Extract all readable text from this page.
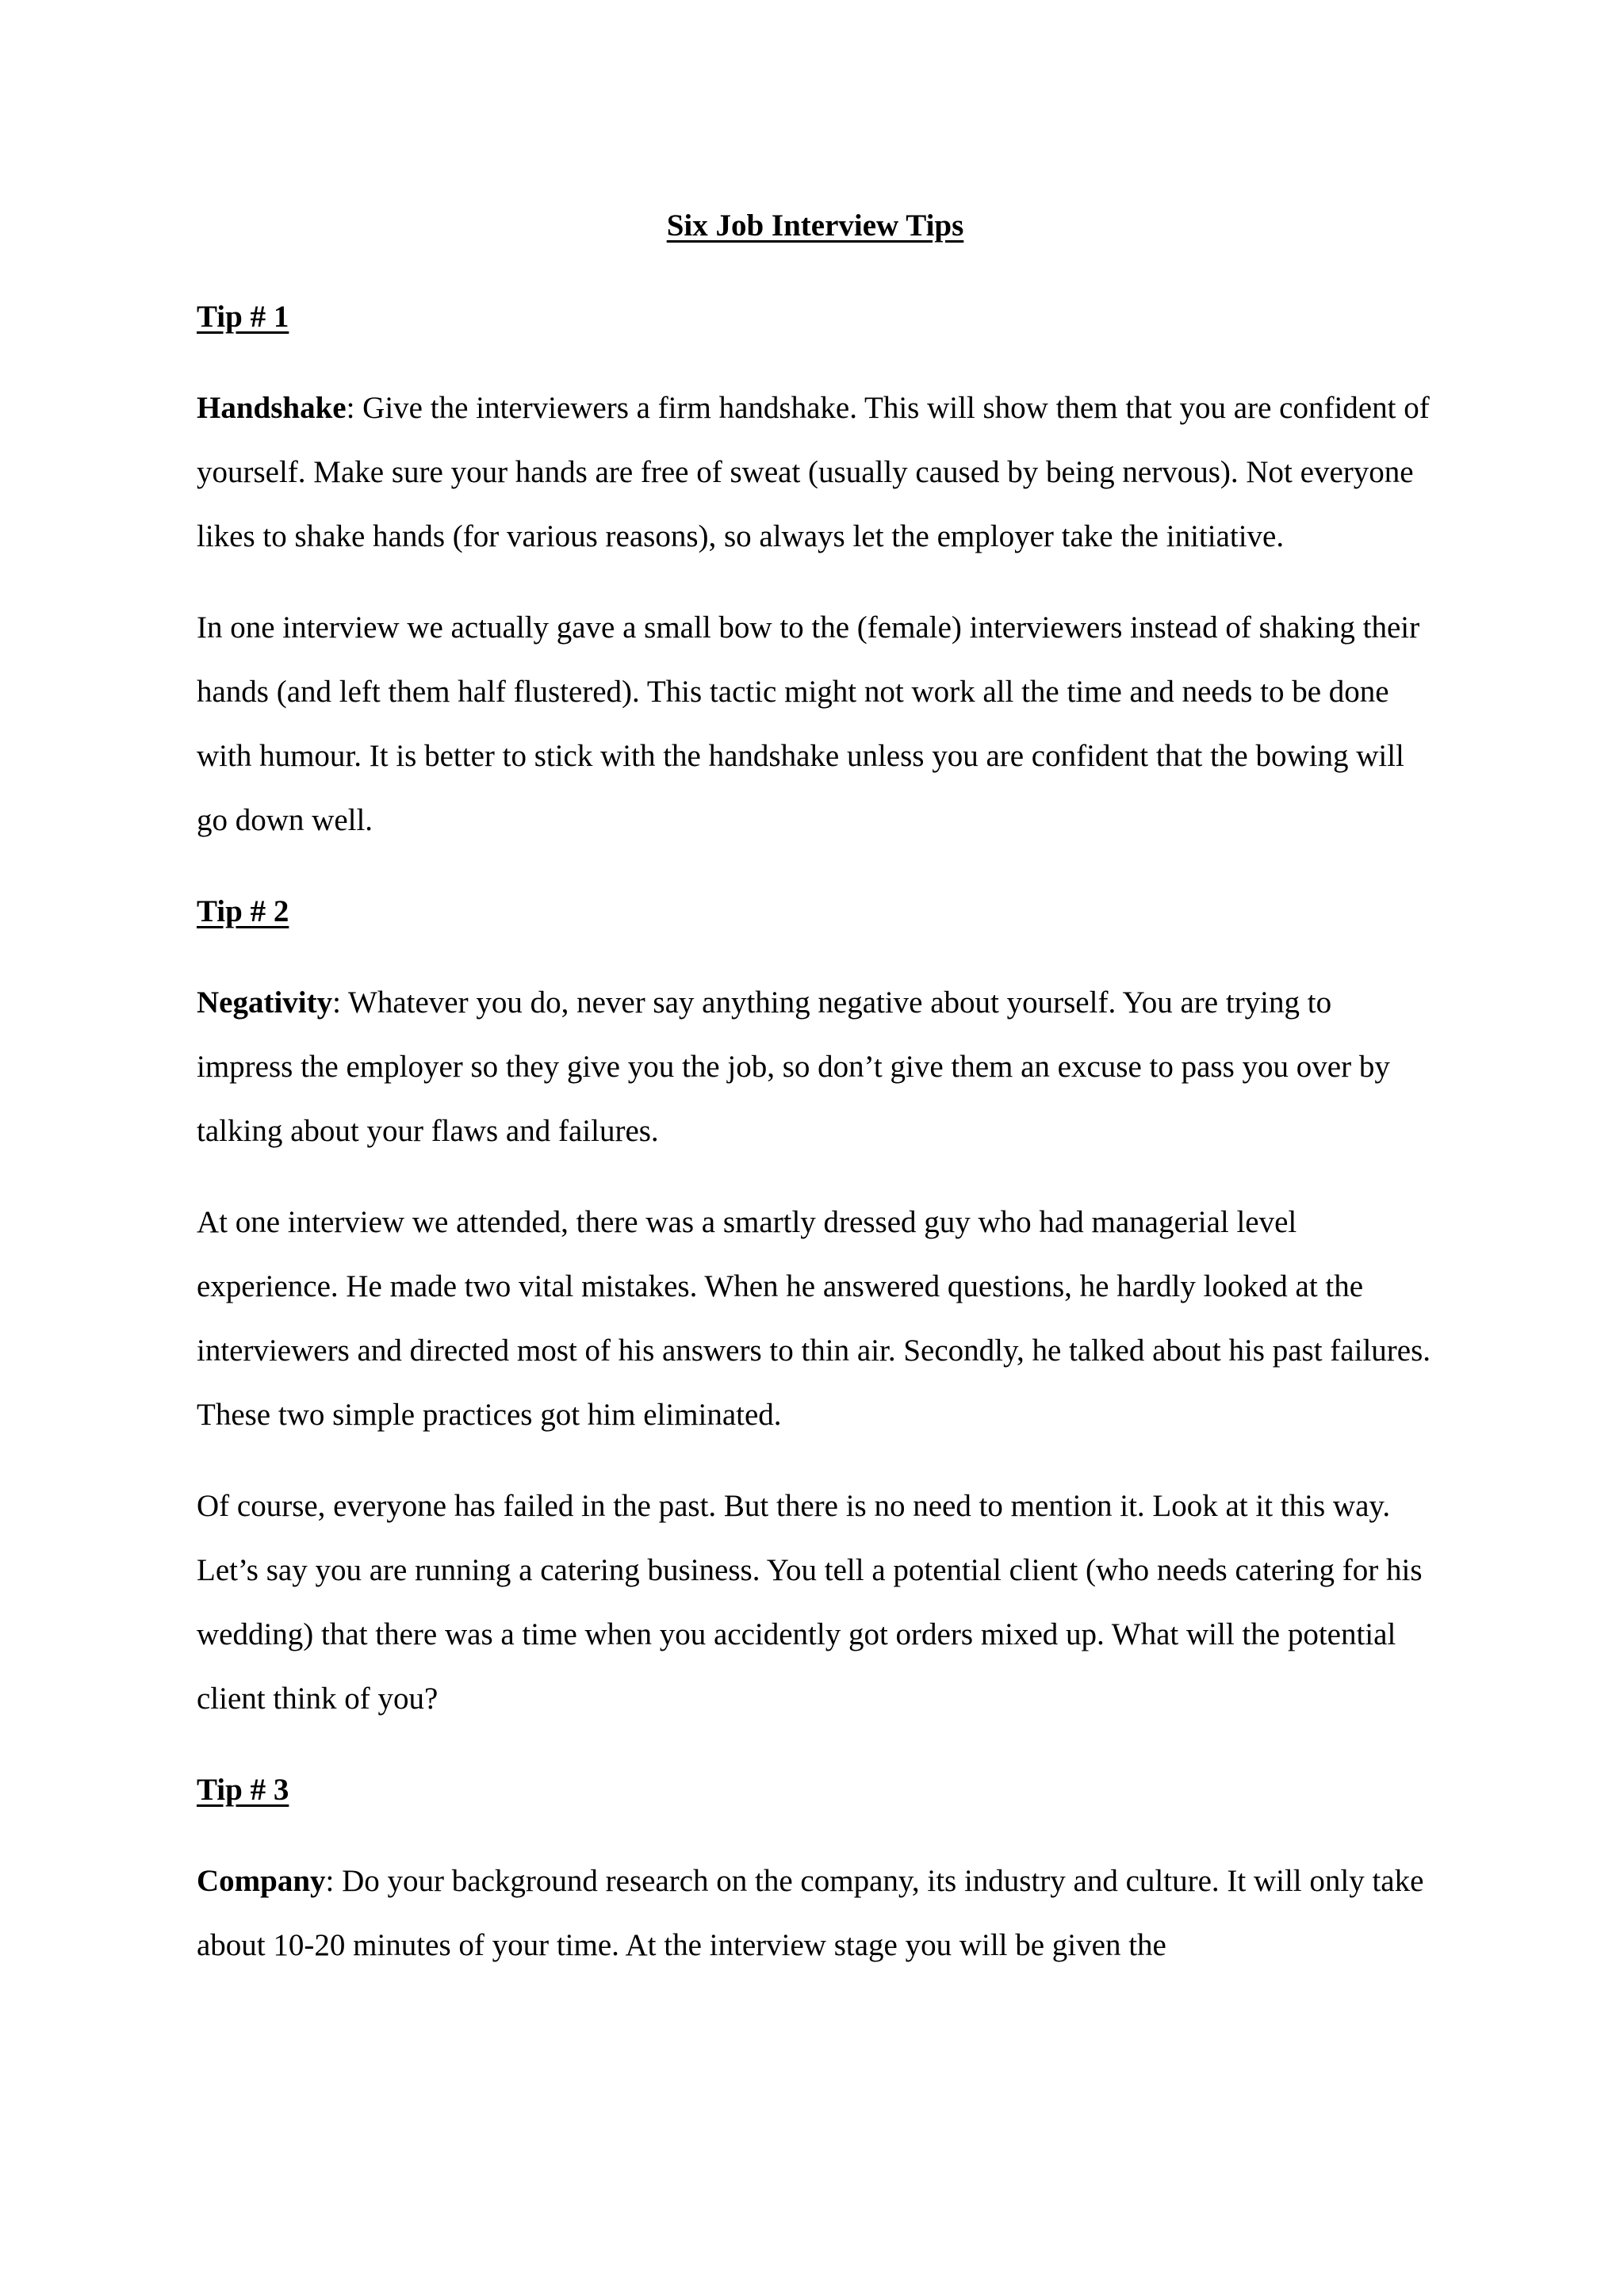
Six Job Interview Tips
Tip # 1

Handshake: Give the interviewers a firm handshake. This will show them that you are confident of yourself. Make sure your hands are free of sweat (usually caused by being nervous). Not everyone likes to shake hands (for various reasons), so always let the employer take the initiative.

In one interview we actually gave a small bow to the (female) interviewers instead of shaking their hands (and left them half flustered). This tactic might not work all the time and needs to be done with humour. It is better to stick with the handshake unless you are confident that the bowing will go down well.

Tip # 2

Negativity: Whatever you do, never say anything negative about yourself. You are trying to impress the employer so they give you the job, so don’t give them an excuse to pass you over by talking about your flaws and failures.

At one interview we attended, there was a smartly dressed guy who had managerial level experience. He made two vital mistakes. When he answered questions, he hardly looked at the interviewers and directed most of his answers to thin air. Secondly, he talked about his past failures. These two simple practices got him eliminated.

Of course, everyone has failed in the past. But there is no need to mention it. Look at it this way. Let’s say you are running a catering business. You tell a potential client (who needs catering for his wedding) that there was a time when you accidently got orders mixed up. What will the potential client think of you?

Tip # 3

Company: Do your background research on the company, its industry and culture. It will only take about 10-20 minutes of your time. At the interview stage you will be given the
